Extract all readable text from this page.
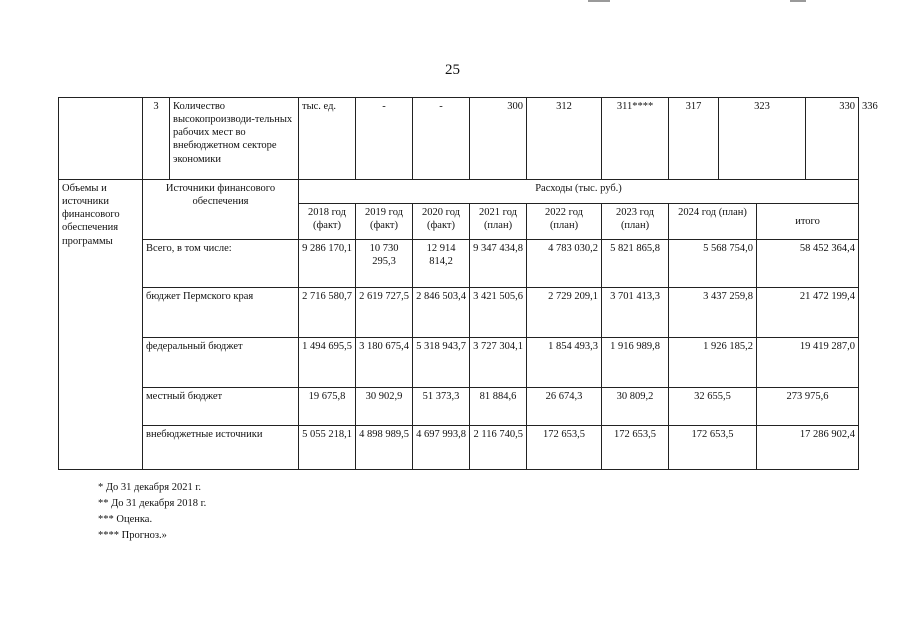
25
	3	Количество высокопроизводи-тельных рабочих мест во внебюджетном секторе экономики	тыс. ед.	-	-	300	312	311****	317	323		330	336
Объемы и источники финансового обеспечения программы	Источники финансового обеспечения		Расходы (тыс. руб.)										
			2018 год (факт)	2019 год (факт)	2020 год (факт)	2021 год (план)	2022 год (план)	2023 год (план)	2024 год (план)		итого		
	Всего, в том числе:		9 286 170,1	10 730 295,3	12 914 814,2	9 347 434,8	4 783 030,2	5 821 865,8	5 568 754,0		58 452 364,4		
	бюджет Пермского края		2 716 580,7	2 619 727,5	2 846 503,4	3 421 505,6	2 729 209,1	3 701 413,3	3 437 259,8		21 472 199,4		
	федеральный бюджет		1 494 695,5	3 180 675,4	5 318 943,7	3 727 304,1	1 854 493,3	1 916 989,8	1 926 185,2		19 419 287,0		
	местный бюджет		19 675,8	30 902,9	51 373,3	81 884,6	26 674,3	30 809,2	32 655,5		273 975,6		
	внебюджетные источники		5 055 218,1	4 898 989,5	4 697 993,8	2 116 740,5	172 653,5	172 653,5	172 653,5		17 286 902,4		
* До 31 декабря 2021 г.
** До 31 декабря 2018 г.
*** Оценка.
**** Прогноз.»
